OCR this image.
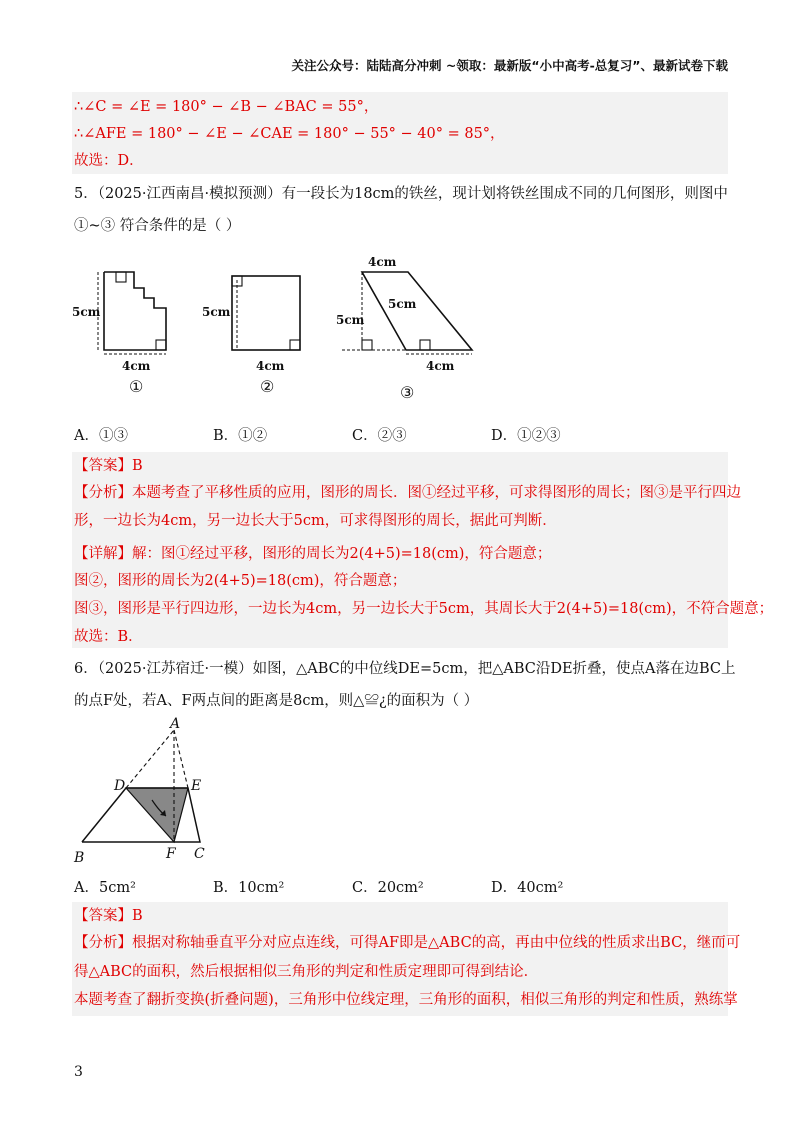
关注公众号：陆陆高分冲刺 ~领取：最新版“小中高考-总复习”、最新试卷下载
∴∠C = ∠E = 180° − ∠B − ∠BAC = 55°，
∴∠AFE = 180° − ∠E − ∠CAE = 180° − 55° − 40° = 85°，
故选：D．
5．（2025·江西南昌·模拟预测）有一段长为18cm的铁丝，现计划将铁丝围成不同的几何图形，则图中
①~③ 符合条件的是（ ）
5cm
4cm
①
5cm
4cm
②
4cm
5cm
5cm
4cm
③
A．①③	B．①②	C．②③	D．①②③
【答案】B
【分析】本题考查了平移性质的应用，图形的周长．图①经过平移，可求得图形的周长；图③是平行四边
形，一边长为4cm，另一边长大于5cm，可求得图形的周长，据此可判断．
【详解】解：图①经过平移，图形的周长为2(4+5)=18(cm)，符合题意；
图②，图形的周长为2(4+5)=18(cm)，符合题意；
图③，图形是平行四边形，一边长为4cm，另一边长大于5cm，其周长大于2(4+5)=18(cm)，不符合题意；
故选：B．
6．（2025·江苏宿迁·一模）如图，△ABC的中位线DE=5cm，把△ABC沿DE折叠，使点A落在边BC上
的点F处，若A、F两点间的距离是8cm，则△≌¿的面积为（ ）
A
B	C
D	E
F
A．5cm²	B．10cm²	C．20cm²	D．40cm²
【答案】B
【分析】根据对称轴垂直平分对应点连线，可得AF即是△ABC的高，再由中位线的性质求出BC，继而可
得△ABC的面积，然后根据相似三角形的判定和性质定理即可得到结论．
本题考查了翻折变换(折叠问题)，三角形中位线定理，三角形的面积，相似三角形的判定和性质，熟练掌
3
